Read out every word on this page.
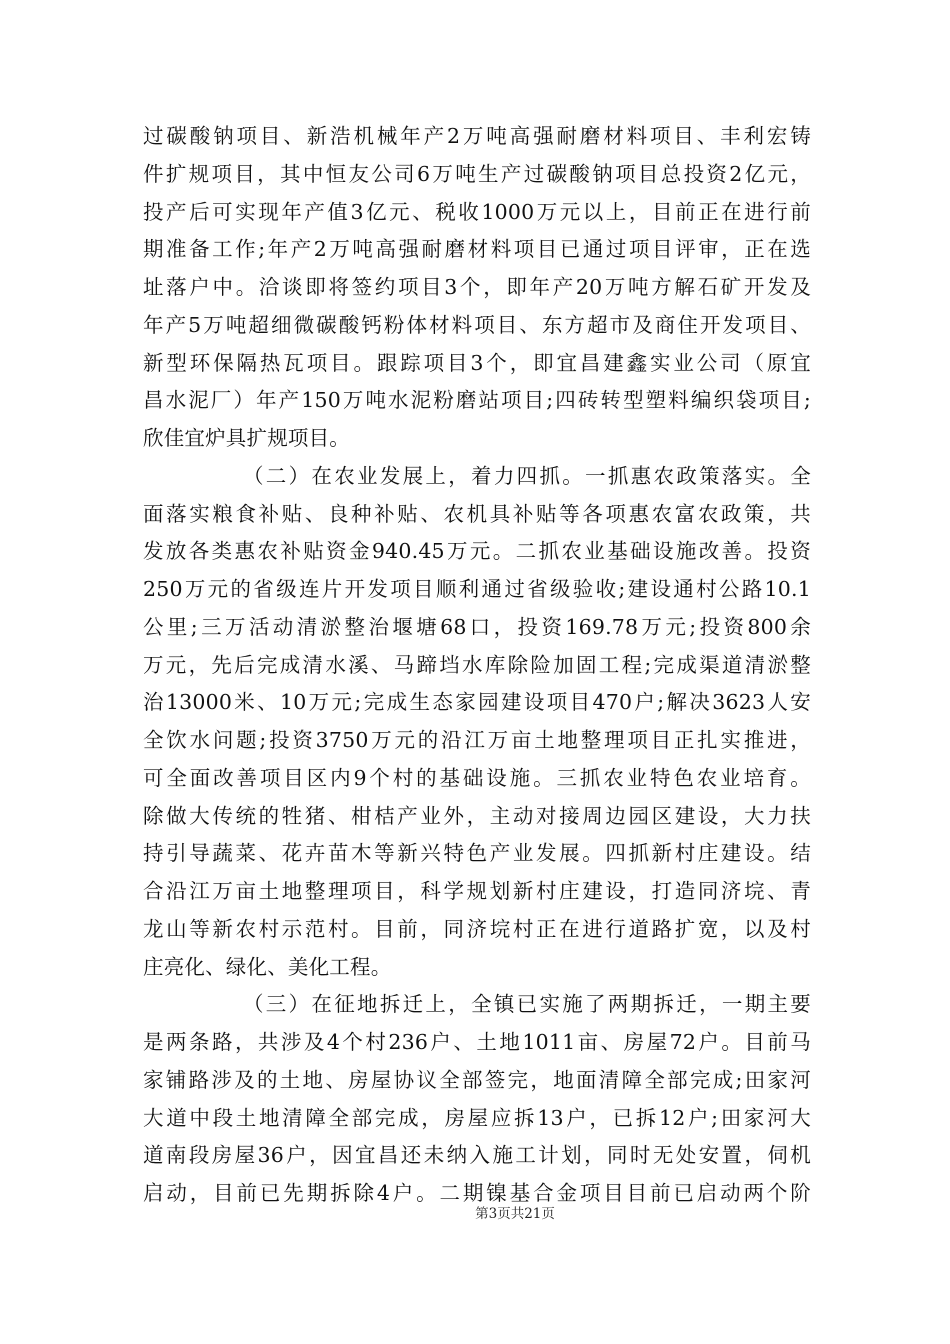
过碳酸钠项目、新浩机械年产2万吨高强耐磨材料项目、丰利宏铸
件扩规项目，其中恒友公司6万吨生产过碳酸钠项目总投资2亿元，
投产后可实现年产值3亿元、税收1000万元以上，目前正在进行前
期准备工作;年产2万吨高强耐磨材料项目已通过项目评审，正在选
址落户中。洽谈即将签约项目3个，即年产20万吨方解石矿开发及
年产5万吨超细微碳酸钙粉体材料项目、东方超市及商住开发项目、
新型环保隔热瓦项目。跟踪项目3个，即宜昌建鑫实业公司（原宜
昌水泥厂）年产150万吨水泥粉磨站项目;四砖转型塑料编织袋项目;
欣佳宜炉具扩规项目。
（二）在农业发展上，着力四抓。一抓惠农政策落实。全
面落实粮食补贴、良种补贴、农机具补贴等各项惠农富农政策，共
发放各类惠农补贴资金940.45万元。二抓农业基础设施改善。投资
250万元的省级连片开发项目顺利通过省级验收;建设通村公路10.1
公里;三万活动清淤整治堰塘68口，投资169.78万元;投资800余
万元，先后完成清水溪、马蹄垱水库除险加固工程;完成渠道清淤整
治13000米、10万元;完成生态家园建设项目470户;解决3623人安
全饮水问题;投资3750万元的沿江万亩土地整理项目正扎实推进，
可全面改善项目区内9个村的基础设施。三抓农业特色农业培育。
除做大传统的牲猪、柑桔产业外，主动对接周边园区建设，大力扶
持引导蔬菜、花卉苗木等新兴特色产业发展。四抓新村庄建设。结
合沿江万亩土地整理项目，科学规划新村庄建设，打造同济垸、青
龙山等新农村示范村。目前，同济垸村正在进行道路扩宽，以及村
庄亮化、绿化、美化工程。
（三）在征地拆迁上，全镇已实施了两期拆迁，一期主要
是两条路，共涉及4个村236户、土地1011亩、房屋72户。目前马
家铺路涉及的土地、房屋协议全部签完，地面清障全部完成;田家河
大道中段土地清障全部完成，房屋应拆13户，已拆12户;田家河大
道南段房屋36户，因宜昌还未纳入施工计划，同时无处安置，伺机
启动，目前已先期拆除4户。二期镍基合金项目目前已启动两个阶
第3页共21页
